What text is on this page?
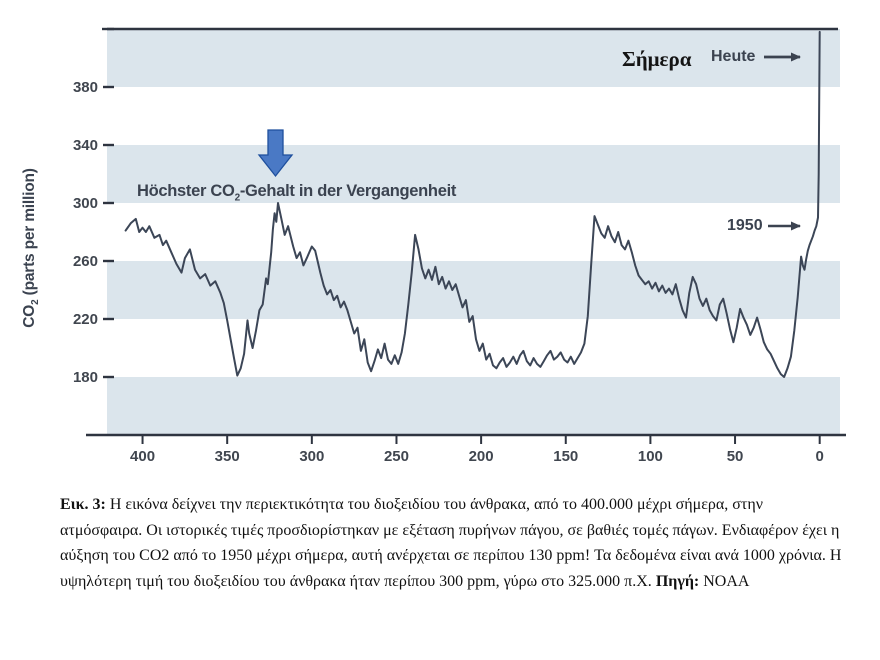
400	350	300	250	200	150	100	50	0
380
340
300
260
220
180
$CO_2$ (parts per million)	Höchster $CO_2$-Gehalt in der Vergangenheit
Σήμερα Heute
1950
Εικ. 3: Η εικόνα δείχνει την περιεκτικότητα του διοξειδίου του άνθρακα, από το 400.000 μέχρι σήμερα, στην ατμόσφαιρα. Οι ιστορικές τιμές προσδιορίστηκαν με εξέταση πυρήνων πάγου, σε βαθιές τομές πάγων. Ενδιαφέρον έχει η αύξηση του CO2 από το 1950 μέχρι σήμερα, αυτή ανέρχεται σε περίπου 130 ppm! Τα δεδομένα είναι ανά 1000 χρόνια. Η υψηλότερη τιμή του διοξειδίου του άνθρακα ήταν περίπου 300 ppm, γύρω στο 325.000 π.Χ. Πηγή: NOAA
